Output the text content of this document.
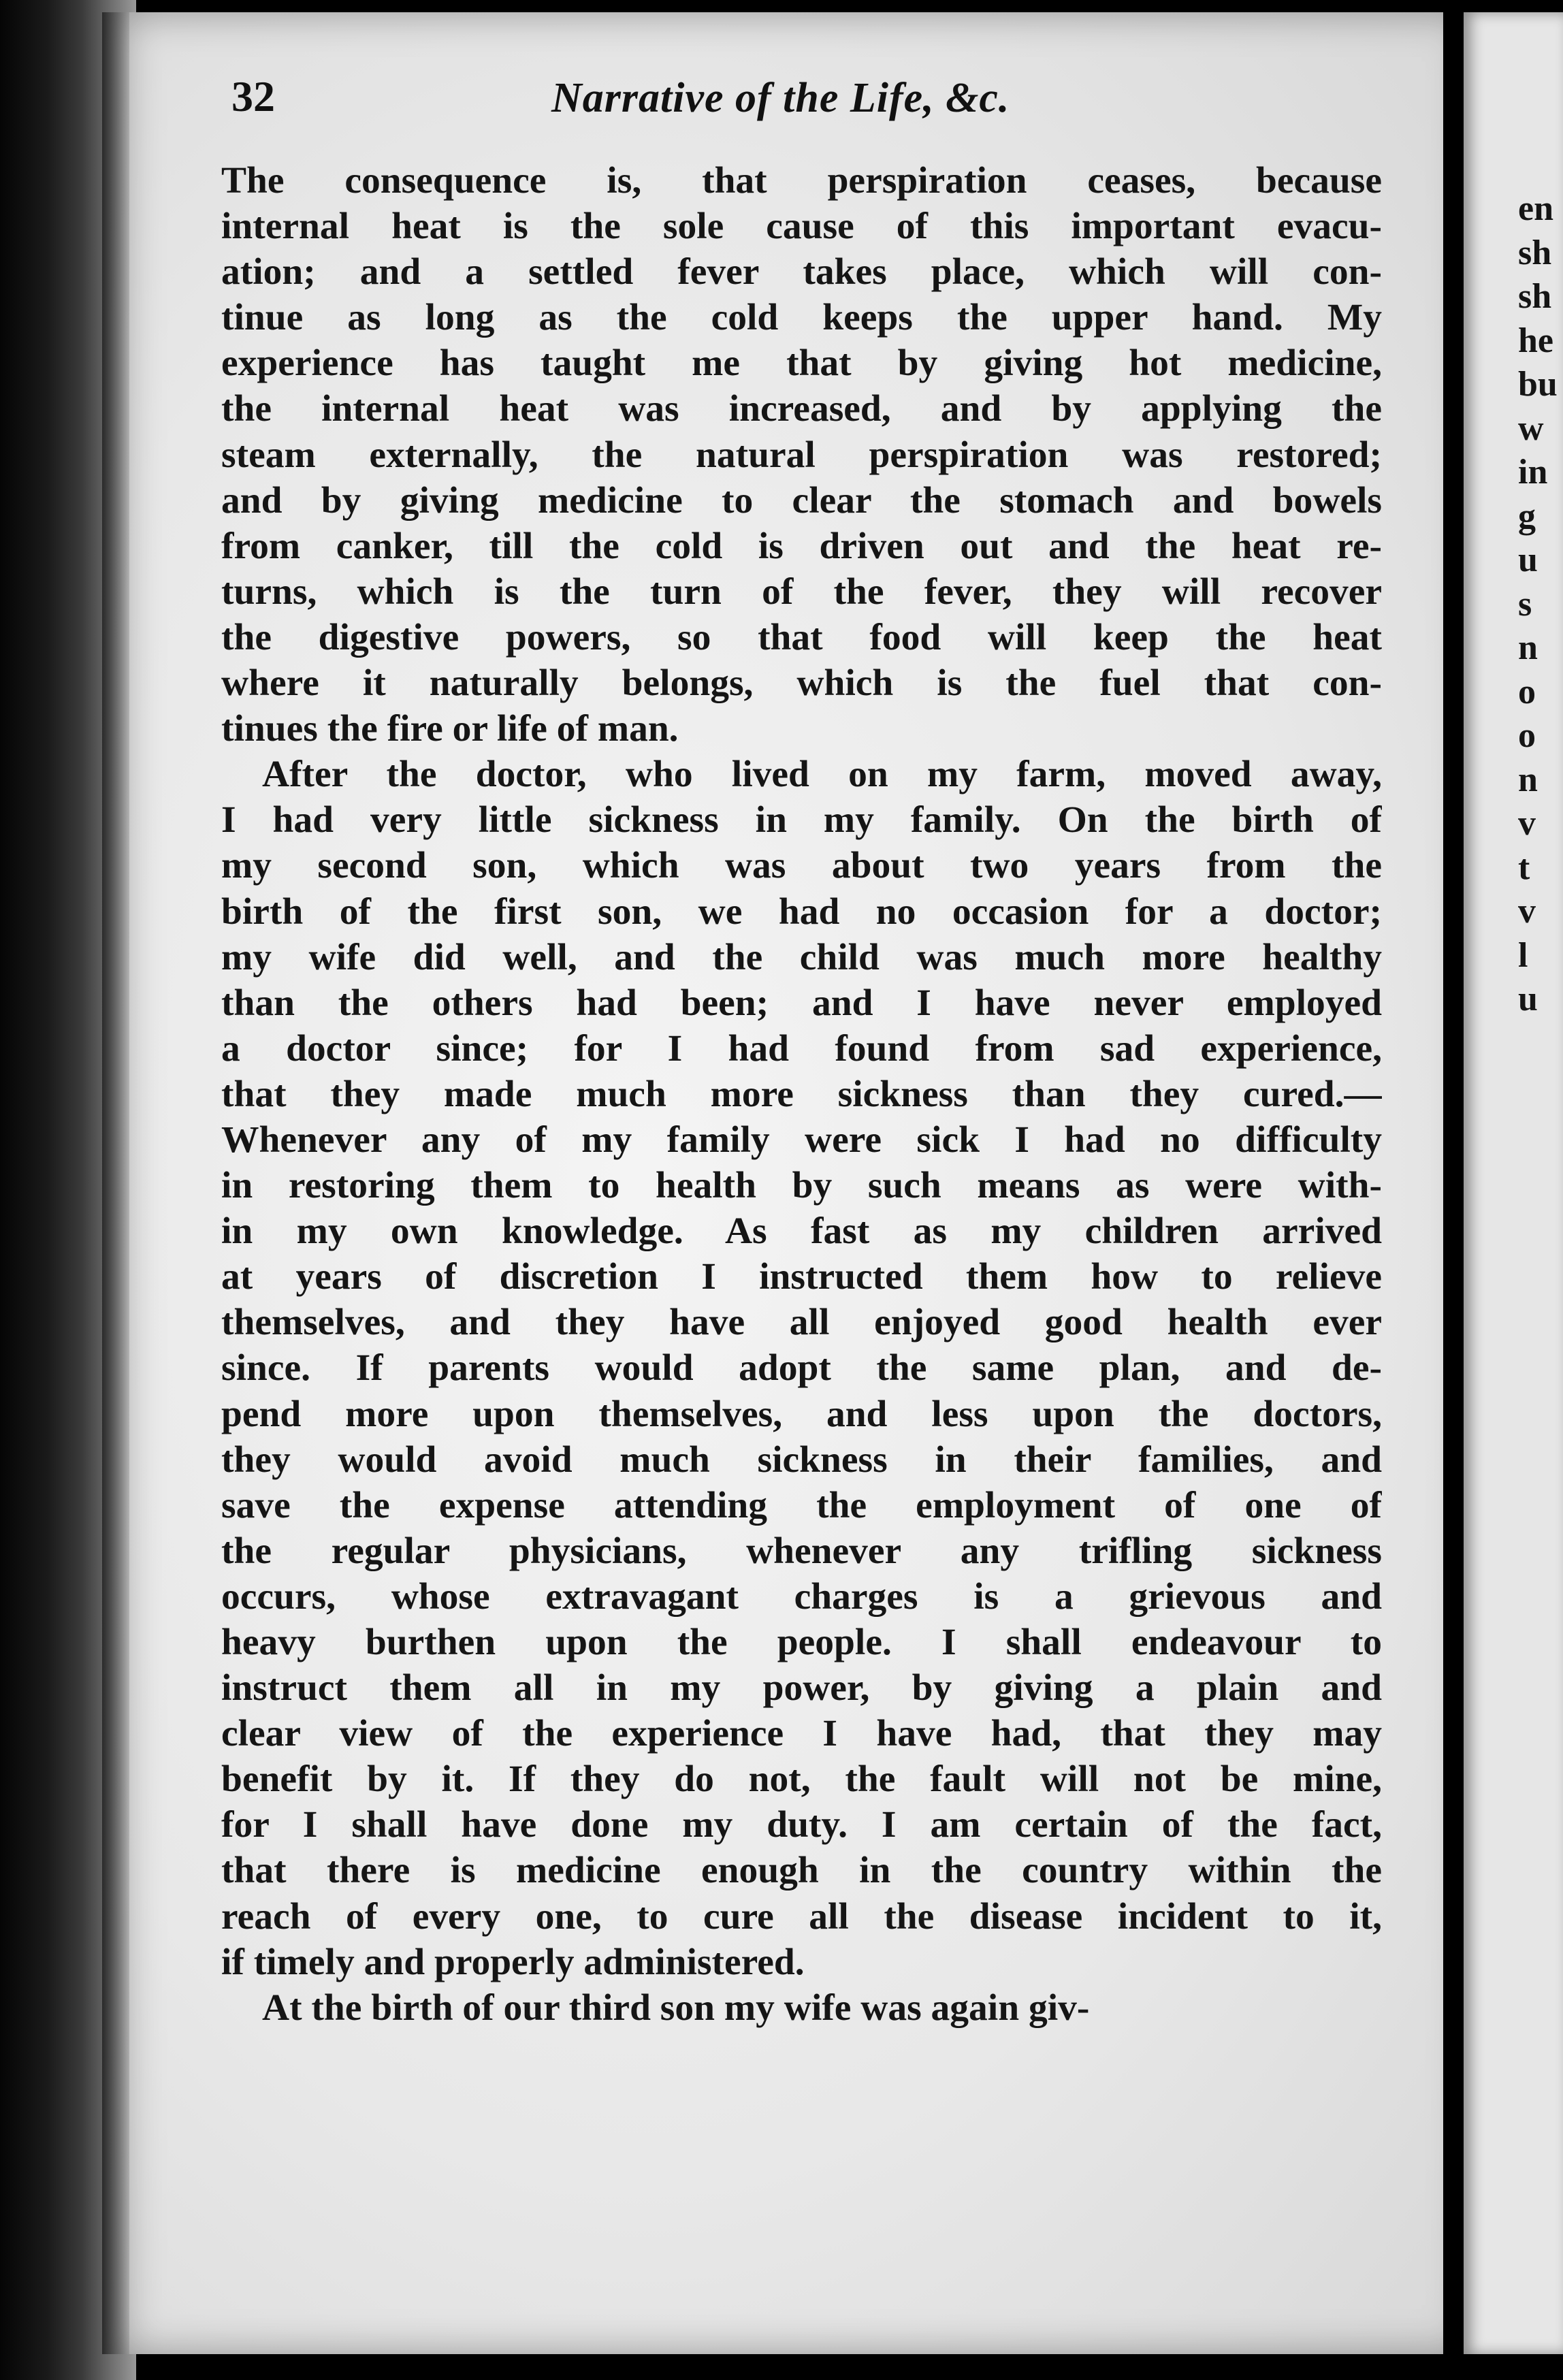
32	Narrative of the Life, &c.
The consequence is, that perspiration ceases, because
internal heat is the sole cause of this important evacu-
ation; and a settled fever takes place, which will con-
tinue as long as the cold keeps the upper hand. My
experience has taught me that by giving hot medicine,
the internal heat was increased, and by applying the
steam externally, the natural perspiration was restored;
and by giving medicine to clear the stomach and bowels
from canker, till the cold is driven out and the heat re-
turns, which is the turn of the fever, they will recover
the digestive powers, so that food will keep the heat
where it naturally belongs, which is the fuel that con-
tinues the fire or life of man.
After the doctor, who lived on my farm, moved away,
I had very little sickness in my family. On the birth of
my second son, which was about two years from the
birth of the first son, we had no occasion for a doctor;
my wife did well, and the child was much more healthy
than the others had been; and I have never employed
a doctor since; for I had found from sad experience,
that they made much more sickness than they cured.—
Whenever any of my family were sick I had no difficulty
in restoring them to health by such means as were with-
in my own knowledge. As fast as my children arrived
at years of discretion I instructed them how to relieve
themselves, and they have all enjoyed good health ever
since. If parents would adopt the same plan, and de-
pend more upon themselves, and less upon the doctors,
they would avoid much sickness in their families, and
save the expense attending the employment of one of
the regular physicians, whenever any trifling sickness
occurs, whose extravagant charges is a grievous and
heavy burthen upon the people. I shall endeavour to
instruct them all in my power, by giving a plain and
clear view of the experience I have had, that they may
benefit by it. If they do not, the fault will not be mine,
for I shall have done my duty. I am certain of the fact,
that there is medicine enough in the country within the
reach of every one, to cure all the disease incident to it,
if timely and properly administered.
At the birth of our third son my wife was again giv-
en
sh
sh
he
bu
w
in
g
u
s
n
o
o
n
v
t
v
l
u
